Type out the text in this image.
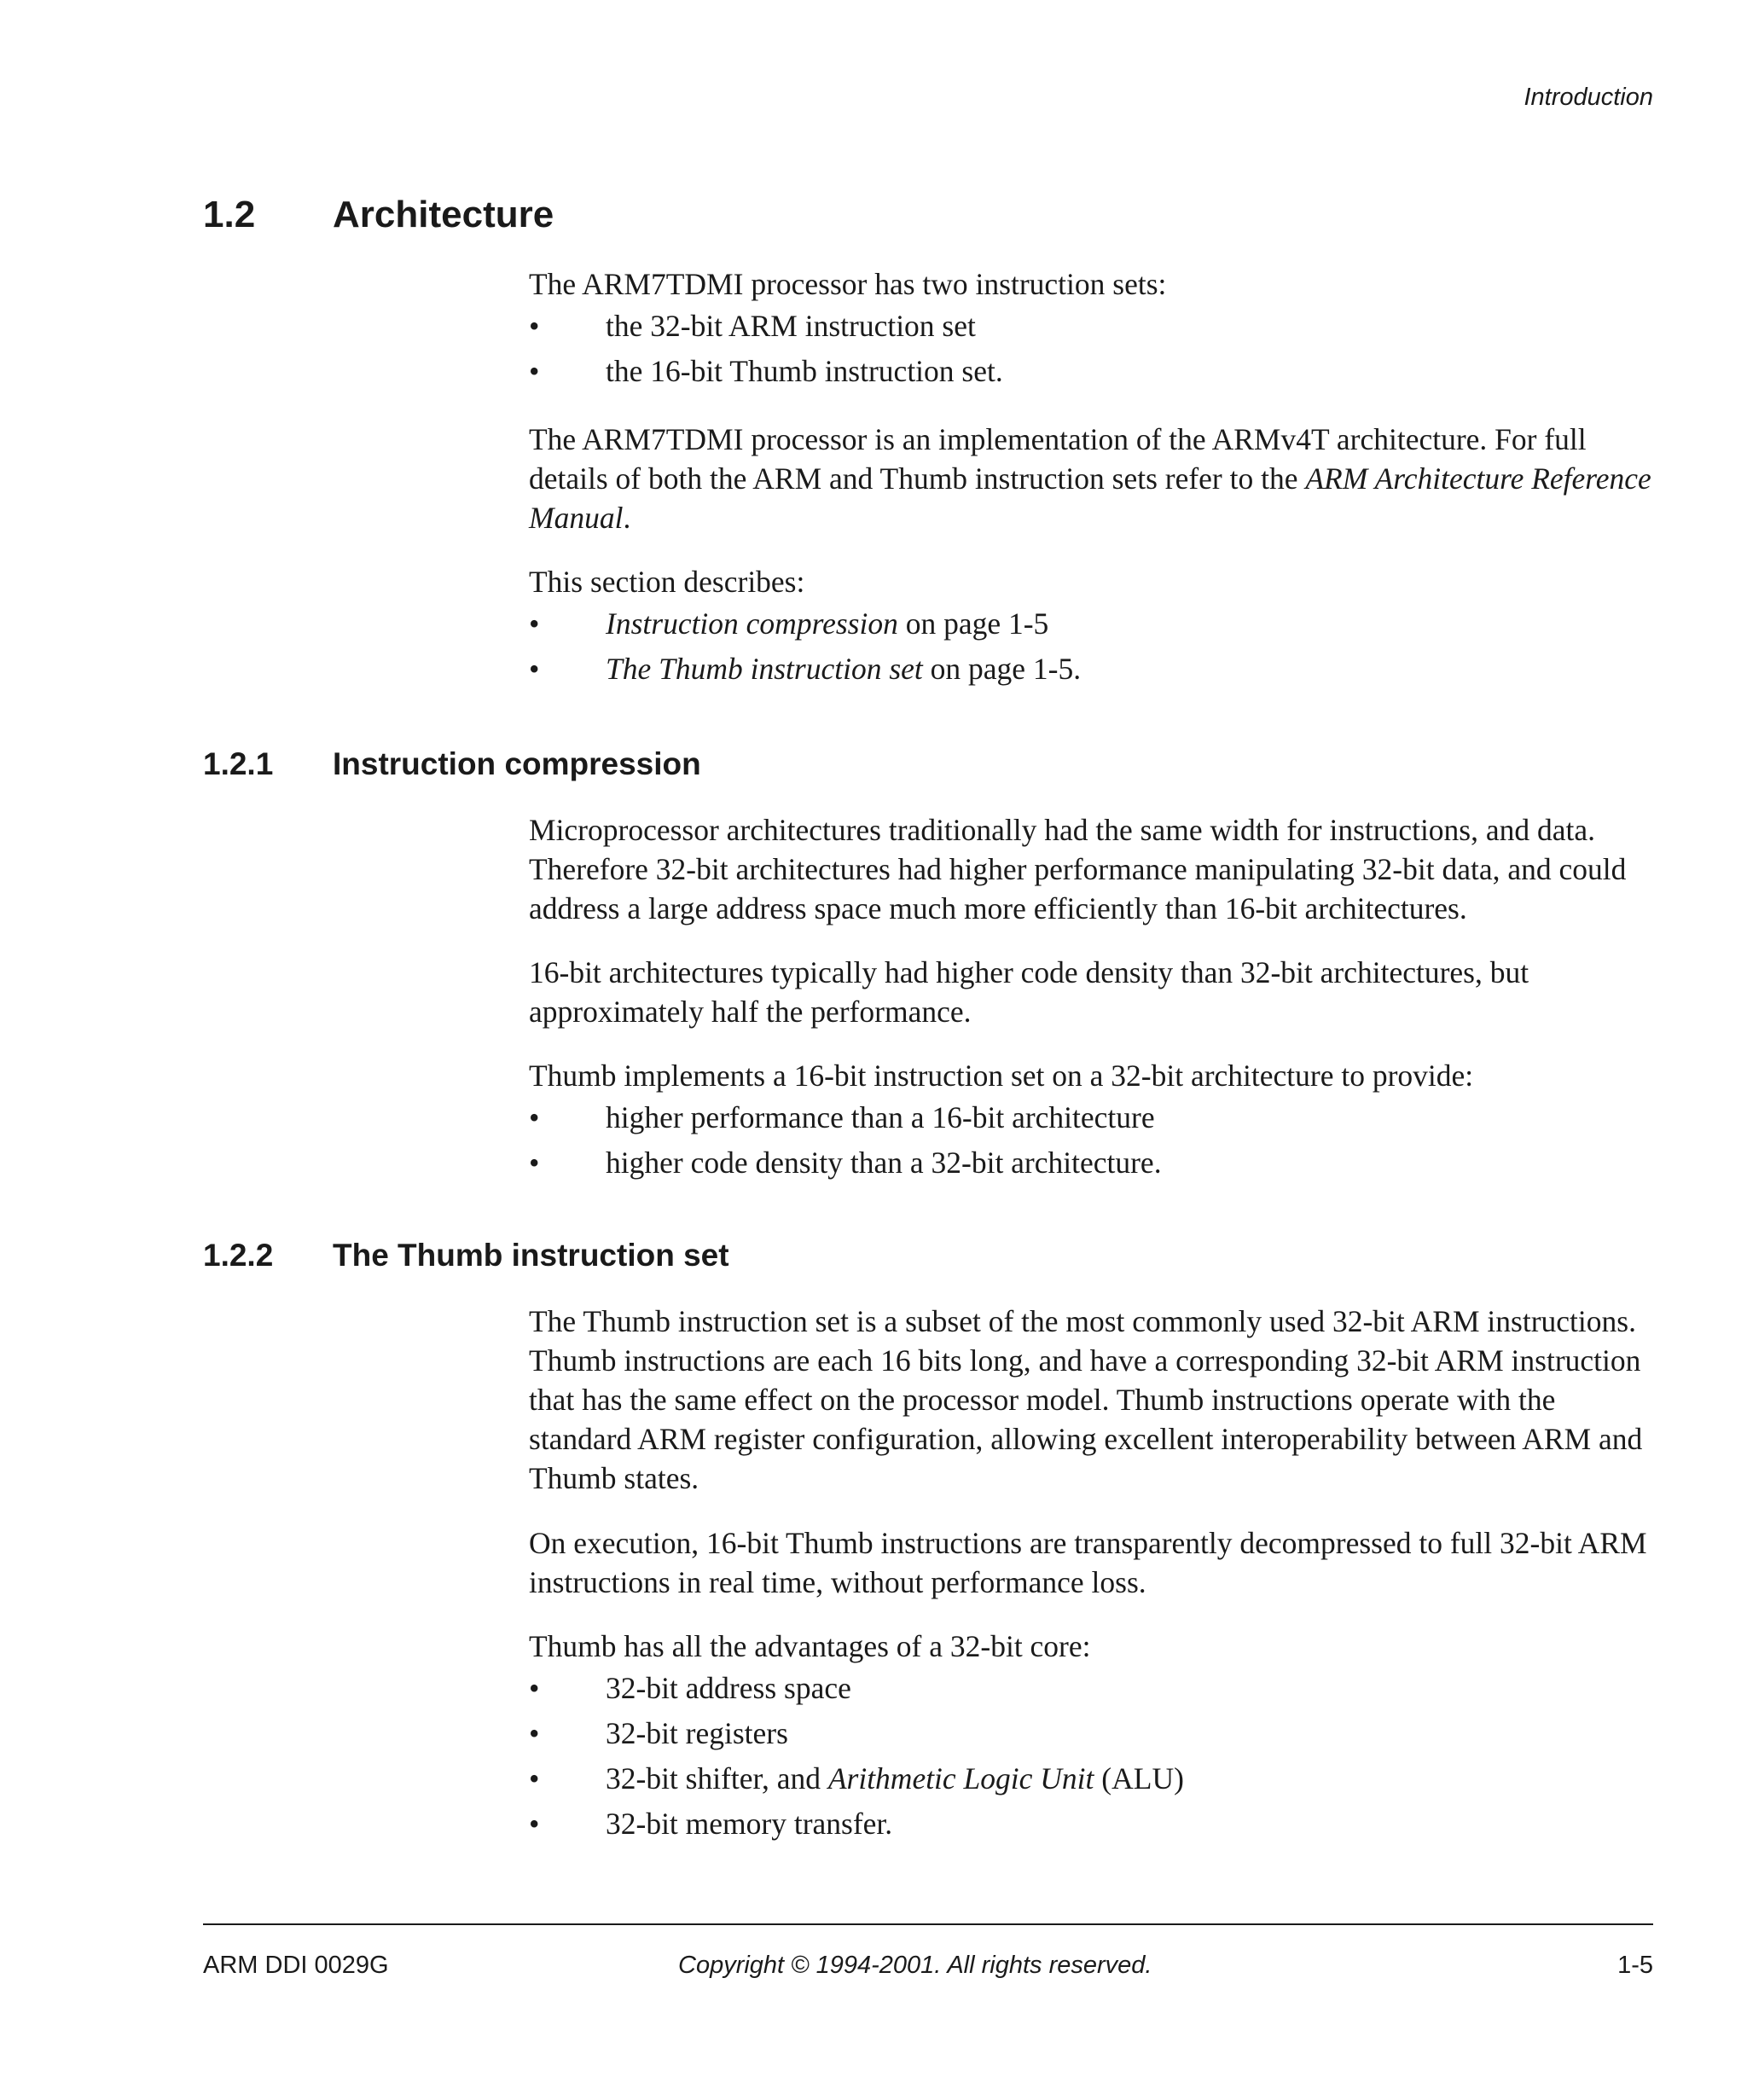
Introduction
1.2 Architecture

The ARM7TDMI processor has two instruction sets:

• the 32-bit ARM instruction set
• the 16-bit Thumb instruction set.

The ARM7TDMI processor is an implementation of the ARMv4T architecture. For full details of both the ARM and Thumb instruction sets refer to the ARM Architecture Reference Manual.

This section describes:

• Instruction compression on page 1-5
• The Thumb instruction set on page 1-5.
1.2.1 Instruction compression

Microprocessor architectures traditionally had the same width for instructions, and data. Therefore 32-bit architectures had higher performance manipulating 32-bit data, and could address a large address space much more efficiently than 16-bit architectures.

16-bit architectures typically had higher code density than 32-bit architectures, but approximately half the performance.

Thumb implements a 16-bit instruction set on a 32-bit architecture to provide:

• higher performance than a 16-bit architecture
• higher code density than a 32-bit architecture.
1.2.2 The Thumb instruction set

The Thumb instruction set is a subset of the most commonly used 32-bit ARM instructions. Thumb instructions are each 16 bits long, and have a corresponding 32-bit ARM instruction that has the same effect on the processor model. Thumb instructions operate with the standard ARM register configuration, allowing excellent interoperability between ARM and Thumb states.

On execution, 16-bit Thumb instructions are transparently decompressed to full 32-bit ARM instructions in real time, without performance loss.

Thumb has all the advantages of a 32-bit core:

• 32-bit address space
• 32-bit registers
• 32-bit shifter, and Arithmetic Logic Unit (ALU)
• 32-bit memory transfer.
ARM DDI 0029G	Copyright © 1994-2001. All rights reserved.	1-5
